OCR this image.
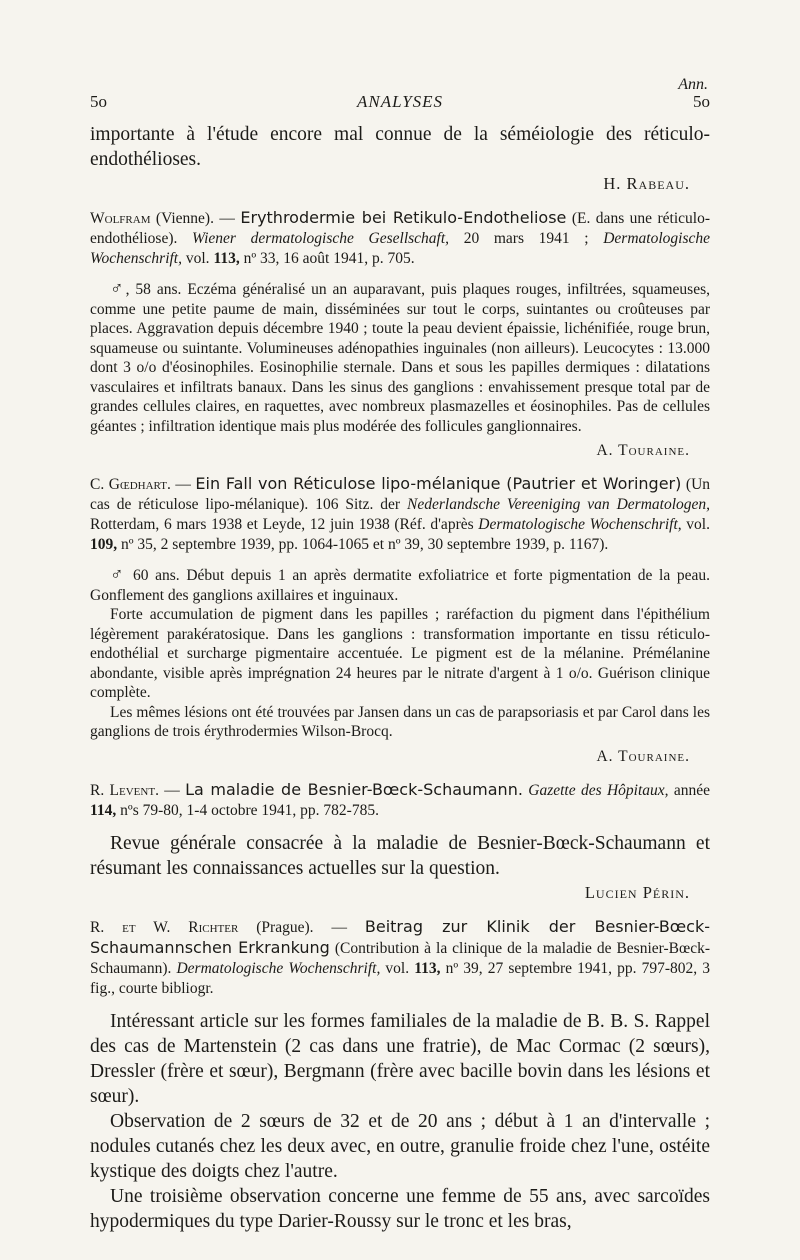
Ann.
5o	ANALYSES	5o

importante à l'étude encore mal connue de la séméiologie des réticulo-endothélioses.

H. Rabeau.

Wolfram (Vienne). — Erythrodermie bei Retikulo-Endotheliose (E. dans une réticulo-endothéliose). Wiener dermatologische Gesellschaft, 20 mars 1941 ; Dermatologische Wochenschrift, vol. 113, nº 33, 16 août 1941, p. 705.

♂, 58 ans. Eczéma généralisé un an auparavant, puis plaques rouges, infiltrées, squameuses, comme une petite paume de main, disséminées sur tout le corps, suintantes ou croûteuses par places. Aggravation depuis décembre 1940 ; toute la peau devient épaissie, lichénifiée, rouge brun, squameuse ou suintante. Volumineuses adénopathies inguinales (non ailleurs). Leucocytes : 13.000 dont 3 o/o d'éosinophiles. Eosinophilie sternale. Dans et sous les papilles dermiques : dilatations vasculaires et infiltrats banaux. Dans les sinus des ganglions : envahissement presque total par de grandes cellules claires, en raquettes, avec nombreux plasmazelles et éosinophiles. Pas de cellules géantes ; infiltration identique mais plus modérée des follicules ganglionnaires.

A. Touraine.

C. Gœdhart. — Ein Fall von Réticulose lipo-mélanique (Pautrier et Woringer) (Un cas de réticulose lipo-mélanique). 106 Sitz. der Nederlandsche Vereeniging van Dermatologen, Rotterdam, 6 mars 1938 et Leyde, 12 juin 1938 (Réf. d'après Dermatologische Wochenschrift, vol. 109, nº 35, 2 septembre 1939, pp. 1064-1065 et nº 39, 30 septembre 1939, p. 1167).

♂ 60 ans. Début depuis 1 an après dermatite exfoliatrice et forte pigmentation de la peau. Gonflement des ganglions axillaires et inguinaux.

Forte accumulation de pigment dans les papilles ; raréfaction du pigment dans l'épithélium légèrement parakératosique. Dans les ganglions : transformation importante en tissu réticulo-endothélial et surcharge pigmentaire accentuée. Le pigment est de la mélanine. Prémélanine abondante, visible après imprégnation 24 heures par le nitrate d'argent à 1 o/o. Guérison clinique complète.

Les mêmes lésions ont été trouvées par Jansen dans un cas de parapsoriasis et par Carol dans les ganglions de trois érythrodermies Wilson-Brocq.

A. Touraine.

R. Levent. — La maladie de Besnier-Bœck-Schaumann. Gazette des Hôpitaux, année 114, nºs 79-80, 1-4 octobre 1941, pp. 782-785.

Revue générale consacrée à la maladie de Besnier-Bœck-Schaumann et résumant les connaissances actuelles sur la question.

Lucien Périn.

R. et W. Richter (Prague). — Beitrag zur Klinik der Besnier-Bœck-Schaumannschen Erkrankung (Contribution à la clinique de la maladie de Besnier-Bœck-Schaumann). Dermatologische Wochenschrift, vol. 113, nº 39, 27 septembre 1941, pp. 797-802, 3 fig., courte bibliogr.

Intéressant article sur les formes familiales de la maladie de B. B. S. Rappel des cas de Martenstein (2 cas dans une fratrie), de Mac Cormac (2 sœurs), Dressler (frère et sœur), Bergmann (frère avec bacille bovin dans les lésions et sœur).

Observation de 2 sœurs de 32 et de 20 ans ; début à 1 an d'intervalle ; nodules cutanés chez les deux avec, en outre, granulie froide chez l'une, ostéite kystique des doigts chez l'autre.

Une troisième observation concerne une femme de 55 ans, avec sarcoïdes hypodermiques du type Darier-Roussy sur le tronc et les bras,
